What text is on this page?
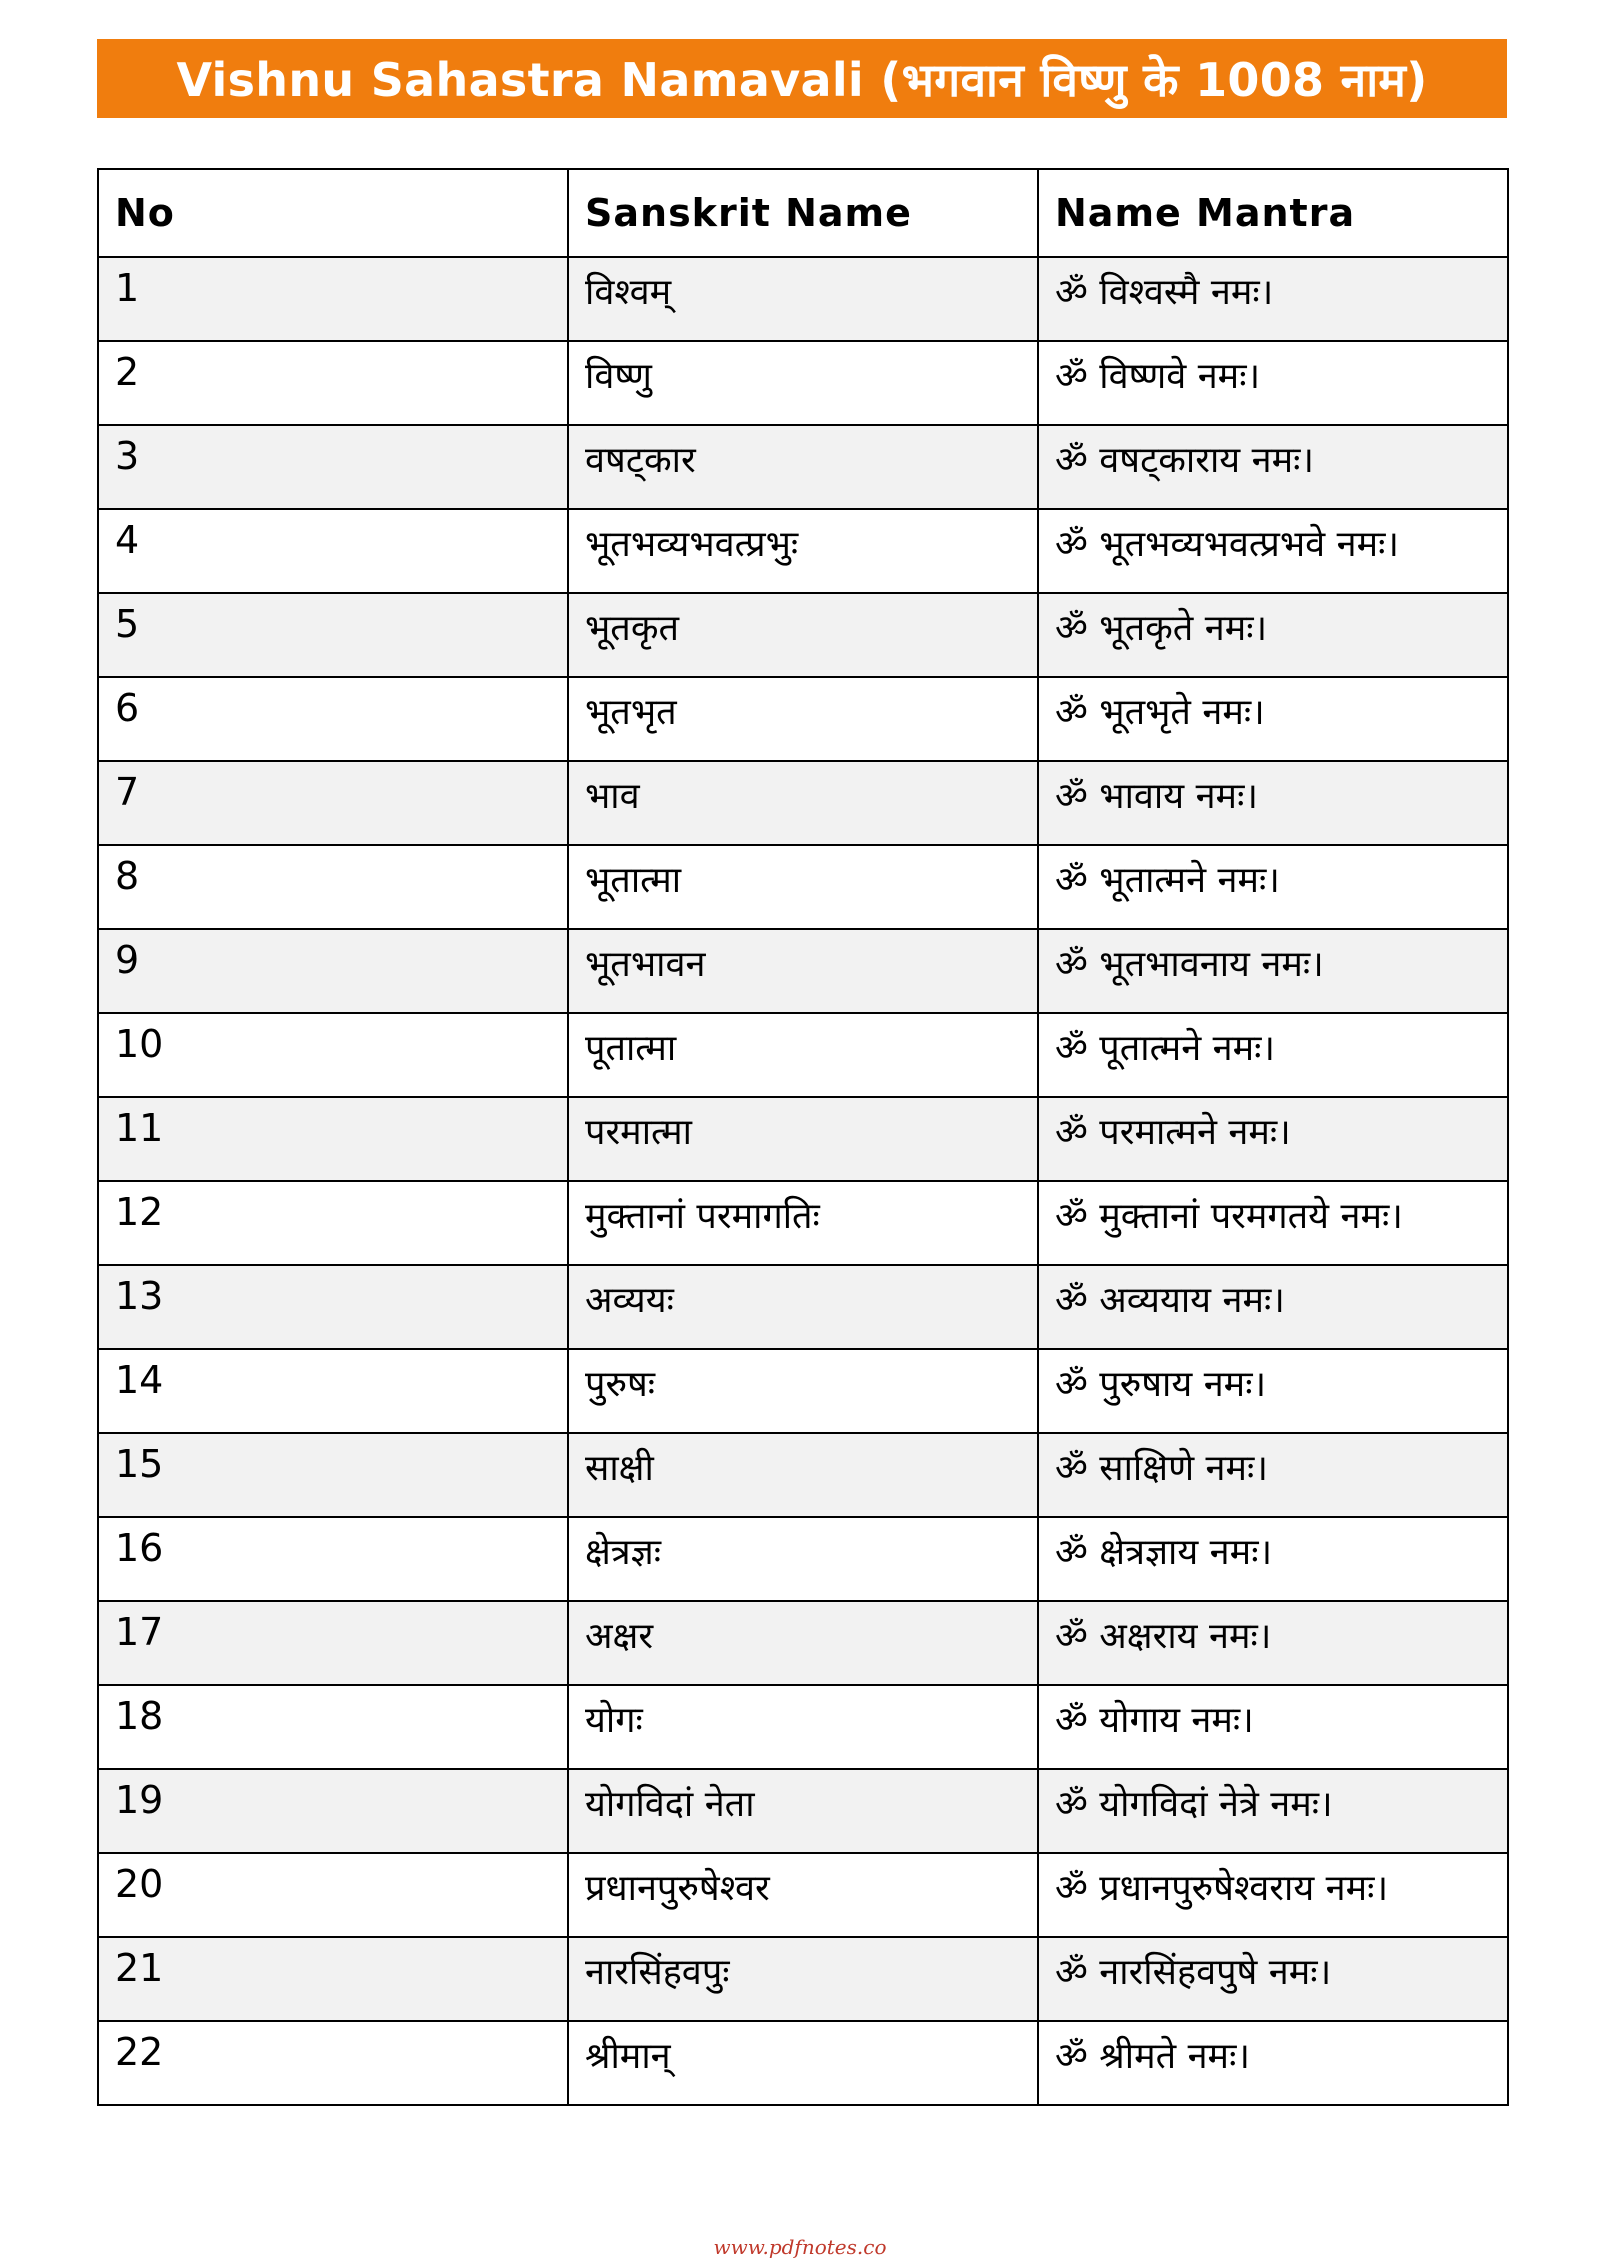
Vishnu Sahastra Namavali (भगवान विष्णु के 1008 नाम)
No	Sanskrit Name	Name Mantra
1	विश्वम्	ॐ विश्वस्मै नमः।
2	विष्णु	ॐ विष्णवे नमः।
3	वषट्कार	ॐ वषट्काराय नमः।
4	भूतभव्यभवत्प्रभुः	ॐ भूतभव्यभवत्प्रभवे नमः।
5	भूतकृत	ॐ भूतकृते नमः।
6	भूतभृत	ॐ भूतभृते नमः।
7	भाव	ॐ भावाय नमः।
8	भूतात्मा	ॐ भूतात्मने नमः।
9	भूतभावन	ॐ भूतभावनाय नमः।
10	पूतात्मा	ॐ पूतात्मने नमः।
11	परमात्मा	ॐ परमात्मने नमः।
12	मुक्तानां परमागतिः	ॐ मुक्तानां परमगतये नमः।
13	अव्ययः	ॐ अव्ययाय नमः।
14	पुरुषः	ॐ पुरुषाय नमः।
15	साक्षी	ॐ साक्षिणे नमः।
16	क्षेत्रज्ञः	ॐ क्षेत्रज्ञाय नमः।
17	अक्षर	ॐ अक्षराय नमः।
18	योगः	ॐ योगाय नमः।
19	योगविदां नेता	ॐ योगविदां नेत्रे नमः।
20	प्रधानपुरुषेश्वर	ॐ प्रधानपुरुषेश्वराय नमः।
21	नारसिंहवपुः	ॐ नारसिंहवपुषे नमः।
22	श्रीमान्	ॐ श्रीमते नमः।
www.pdfnotes.co
